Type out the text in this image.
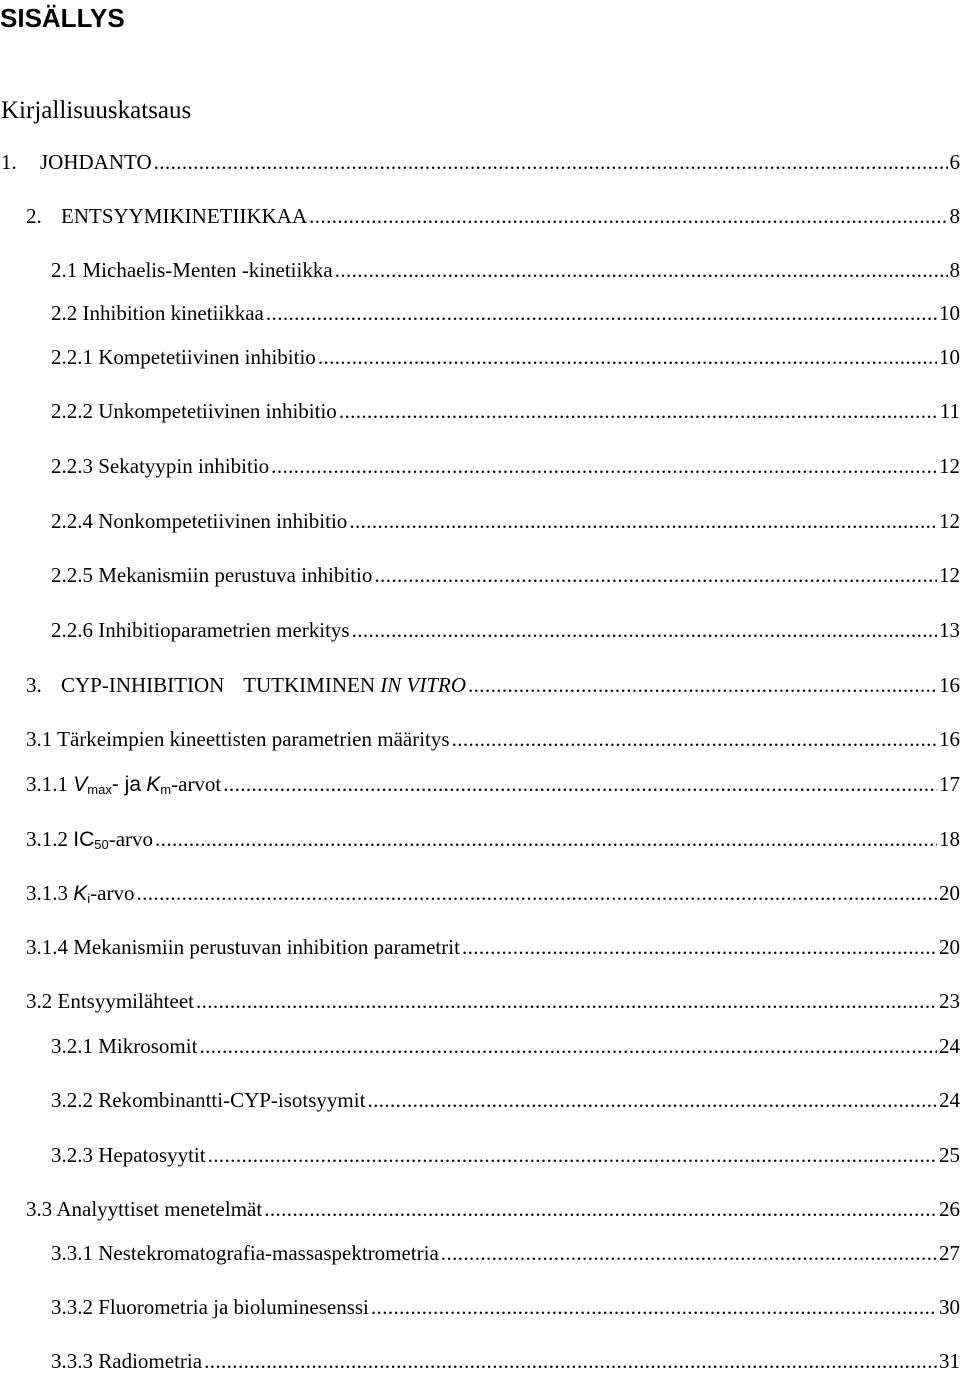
SISÄLLYS
Kirjallisuuskatsaus
1. JOHDANTO .....	6
2. ENTSYYMIKINETIIKKAA .....	8
2.1 Michaelis-Menten -kinetiikka .....	8
2.2 Inhibition kinetiikkaa .....	10
2.2.1 Kompetetiivinen inhibitio .....	10
2.2.2 Unkompetetiivinen inhibitio .....	11
2.2.3 Sekatyypin inhibitio .....	12
2.2.4 Nonkompetetiivinen inhibitio .....	12
2.2.5 Mekanismiin perustuva inhibitio .....	12
2.2.6 Inhibitioparametrien merkitys .....	13
3. CYP-INHIBITION TUTKIMINEN IN VITRO .....	16
3.1 Tärkeimpien kineettisten parametrien määritys .....	16
3.1.1 $V_{max}-$ ja $K_m$-arvot .....	17
3.1.2 $IC_{50}$-arvo .....	18
3.1.3 $K_i$-arvo .....	20
3.1.4 Mekanismiin perustuvan inhibition parametrit .....	20
3.2 Entsyymilähteet .....	23
3.2.1 Mikrosomit .....	24
3.2.2 Rekombinantti-CYP-isotsyymit .....	24
3.2.3 Hepatosyytit .....	25
3.3 Analyyttiset menetelmät .....	26
3.3.1 Nestekromatografia-massaspektrometria .....	27
3.3.2 Fluorometria ja bioluminesenssi .....	30
3.3.3 Radiometria .....	31
